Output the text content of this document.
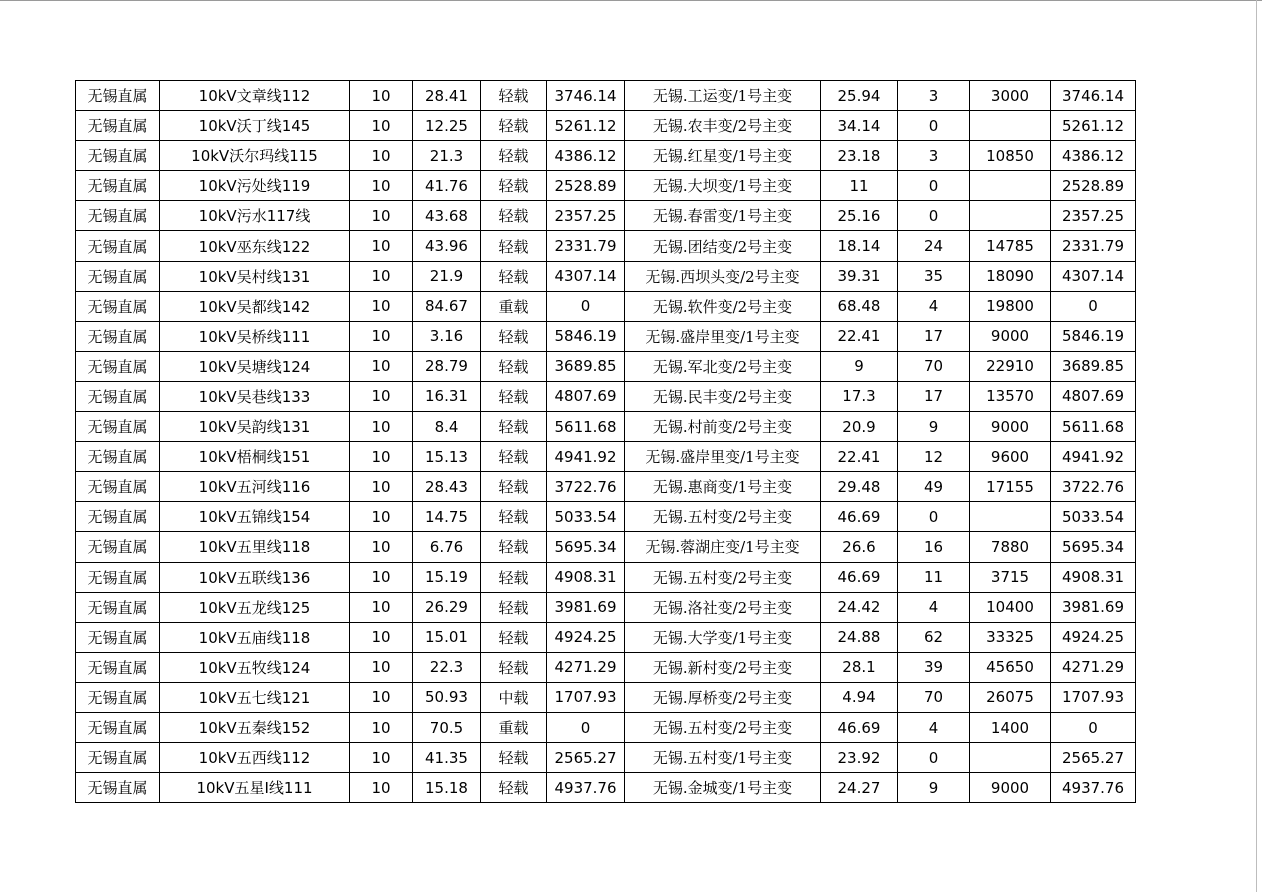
无锡直属	10kV文章线112	10	28.41	轻载	3746.14	无锡.工运变/1号主变	25.94	3	3000	3746.14
无锡直属	10kV沃丁线145	10	12.25	轻载	5261.12	无锡.农丰变/2号主变	34.14	0		5261.12
无锡直属	10kV沃尔玛线115	10	21.3	轻载	4386.12	无锡.红星变/1号主变	23.18	3	10850	4386.12
无锡直属	10kV污处线119	10	41.76	轻载	2528.89	无锡.大坝变/1号主变	11	0		2528.89
无锡直属	10kV污水117线	10	43.68	轻载	2357.25	无锡.春雷变/1号主变	25.16	0		2357.25
无锡直属	10kV巫东线122	10	43.96	轻载	2331.79	无锡.团结变/2号主变	18.14	24	14785	2331.79
无锡直属	10kV吴村线131	10	21.9	轻载	4307.14	无锡.西坝头变/2号主变	39.31	35	18090	4307.14
无锡直属	10kV吴都线142	10	84.67	重载	0	无锡.软件变/2号主变	68.48	4	19800	0
无锡直属	10kV吴桥线111	10	3.16	轻载	5846.19	无锡.盛岸里变/1号主变	22.41	17	9000	5846.19
无锡直属	10kV吴塘线124	10	28.79	轻载	3689.85	无锡.军北变/2号主变	9	70	22910	3689.85
无锡直属	10kV吴巷线133	10	16.31	轻载	4807.69	无锡.民丰变/2号主变	17.3	17	13570	4807.69
无锡直属	10kV吴韵线131	10	8.4	轻载	5611.68	无锡.村前变/2号主变	20.9	9	9000	5611.68
无锡直属	10kV梧桐线151	10	15.13	轻载	4941.92	无锡.盛岸里变/1号主变	22.41	12	9600	4941.92
无锡直属	10kV五河线116	10	28.43	轻载	3722.76	无锡.惠商变/1号主变	29.48	49	17155	3722.76
无锡直属	10kV五锦线154	10	14.75	轻载	5033.54	无锡.五村变/2号主变	46.69	0		5033.54
无锡直属	10kV五里线118	10	6.76	轻载	5695.34	无锡.蓉湖庄变/1号主变	26.6	16	7880	5695.34
无锡直属	10kV五联线136	10	15.19	轻载	4908.31	无锡.五村变/2号主变	46.69	11	3715	4908.31
无锡直属	10kV五龙线125	10	26.29	轻载	3981.69	无锡.洛社变/2号主变	24.42	4	10400	3981.69
无锡直属	10kV五庙线118	10	15.01	轻载	4924.25	无锡.大学变/1号主变	24.88	62	33325	4924.25
无锡直属	10kV五牧线124	10	22.3	轻载	4271.29	无锡.新村变/2号主变	28.1	39	45650	4271.29
无锡直属	10kV五七线121	10	50.93	中载	1707.93	无锡.厚桥变/2号主变	4.94	70	26075	1707.93
无锡直属	10kV五秦线152	10	70.5	重载	0	无锡.五村变/2号主变	46.69	4	1400	0
无锡直属	10kV五西线112	10	41.35	轻载	2565.27	无锡.五村变/1号主变	23.92	0		2565.27
无锡直属	10kV五星Ⅰ线111	10	15.18	轻载	4937.76	无锡.金城变/1号主变	24.27	9	9000	4937.76
